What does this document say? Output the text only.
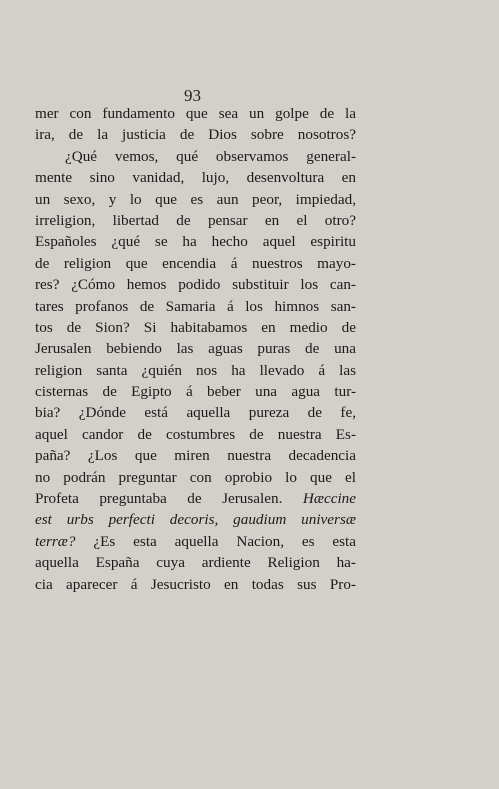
93
mer con fundamento que sea un golpe de la
ira, de la justicia de Dios sobre nosotros?
¿Qué vemos, qué observamos general-
mente sino vanidad, lujo, desenvoltura en
un sexo, y lo que es aun peor, impiedad,
irreligion, libertad de pensar en el otro?
Españoles ¿qué se ha hecho aquel espiritu
de religion que encendia á nuestros mayo-
res? ¿Cómo hemos podido substituir los can-
tares profanos de Samaria á los himnos san-
tos de Sion? Si habitabamos en medio de
Jerusalen bebiendo las aguas puras de una
religion santa ¿quién nos ha llevado á las
cisternas de Egipto á beber una agua tur-
bia? ¿Dónde está aquella pureza de fe,
aquel candor de costumbres de nuestra Es-
paña? ¿Los que miren nuestra decadencia
no podrán preguntar con oprobio lo que el
Profeta preguntaba de Jerusalen. Hæccine
est urbs perfecti decoris, gaudium universæ
terræ? ¿Es esta aquella Nacion, es esta
aquella España cuya ardiente Religion ha-
cia aparecer á Jesucristo en todas sus Pro-
